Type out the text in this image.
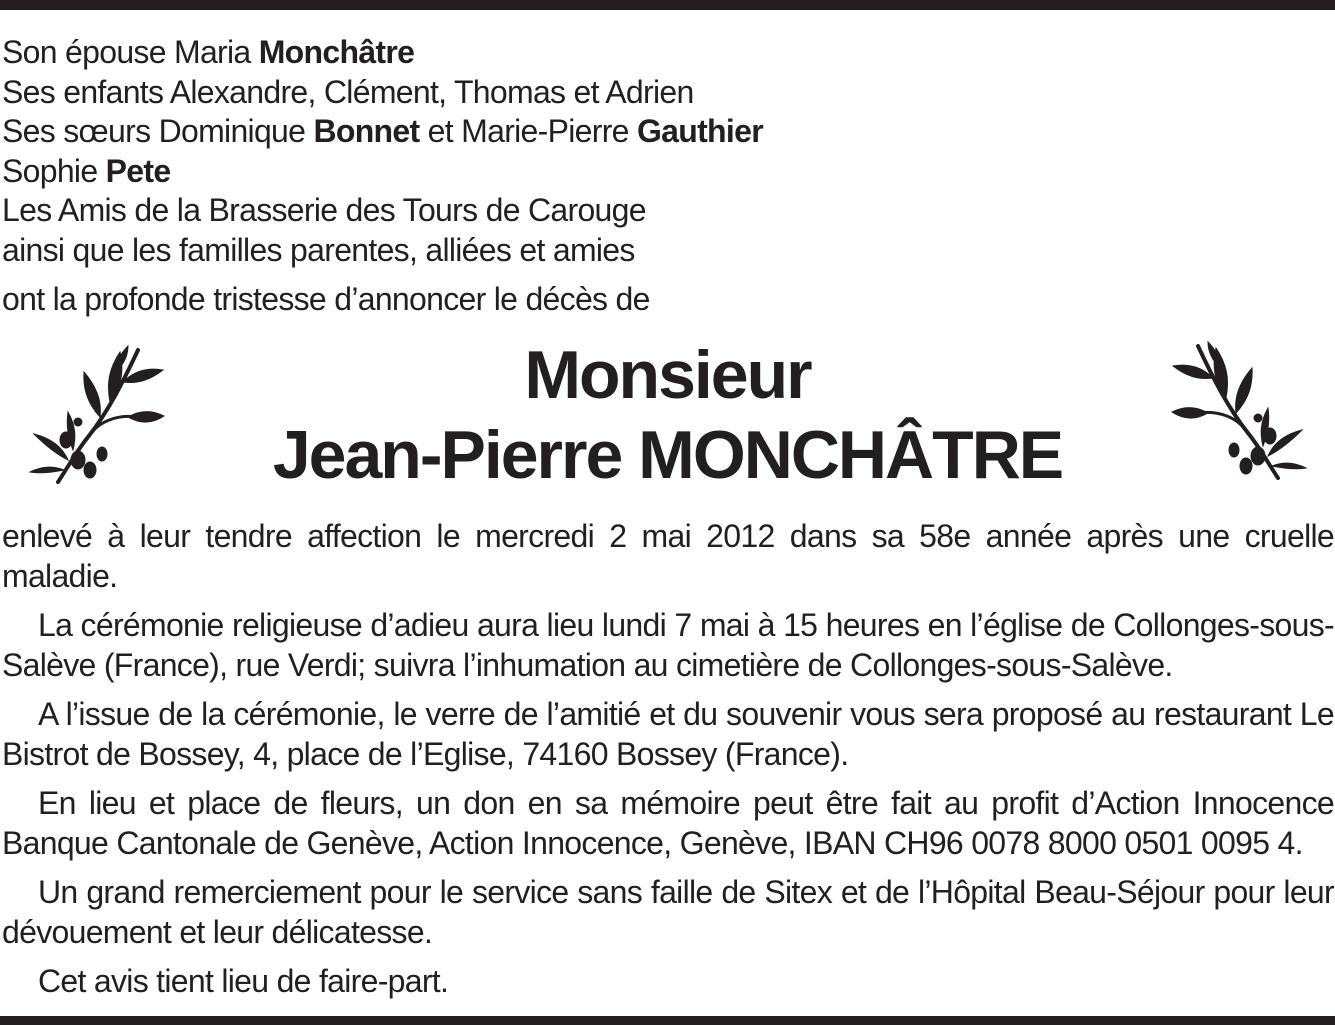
Son épouse Maria Monchâtre
Ses enfants Alexandre, Clément, Thomas et Adrien
Ses sœurs Dominique Bonnet et Marie-Pierre Gauthier
Sophie Pete
Les Amis de la Brasserie des Tours de Carouge
ainsi que les familles parentes, alliées et amies
ont la profonde tristesse d’annoncer le décès de
Monsieur
Jean-Pierre MONCHÂTRE

enlevé à leur tendre affection le mercredi 2 mai 2012 dans sa 58e année après une cruelle maladie.

La cérémonie religieuse d’adieu aura lieu lundi 7 mai à 15 heures en l’église de Collonges-sous-Salève (France), rue Verdi; suivra l’inhumation au cimetière de Collonges-sous-Salève.

A l’issue de la cérémonie, le verre de l’amitié et du souvenir vous sera proposé au restaurant Le Bistrot de Bossey, 4, place de l’Eglise, 74160 Bossey (France).

En lieu et place de fleurs, un don en sa mémoire peut être fait au profit d’Action Innocence Banque Cantonale de Genève, Action Innocence, Genève, IBAN CH96 0078 8000 0501 0095 4.

Un grand remerciement pour le service sans faille de Sitex et de l’Hôpital Beau-Séjour pour leur dévouement et leur délicatesse.

Cet avis tient lieu de faire-part.
